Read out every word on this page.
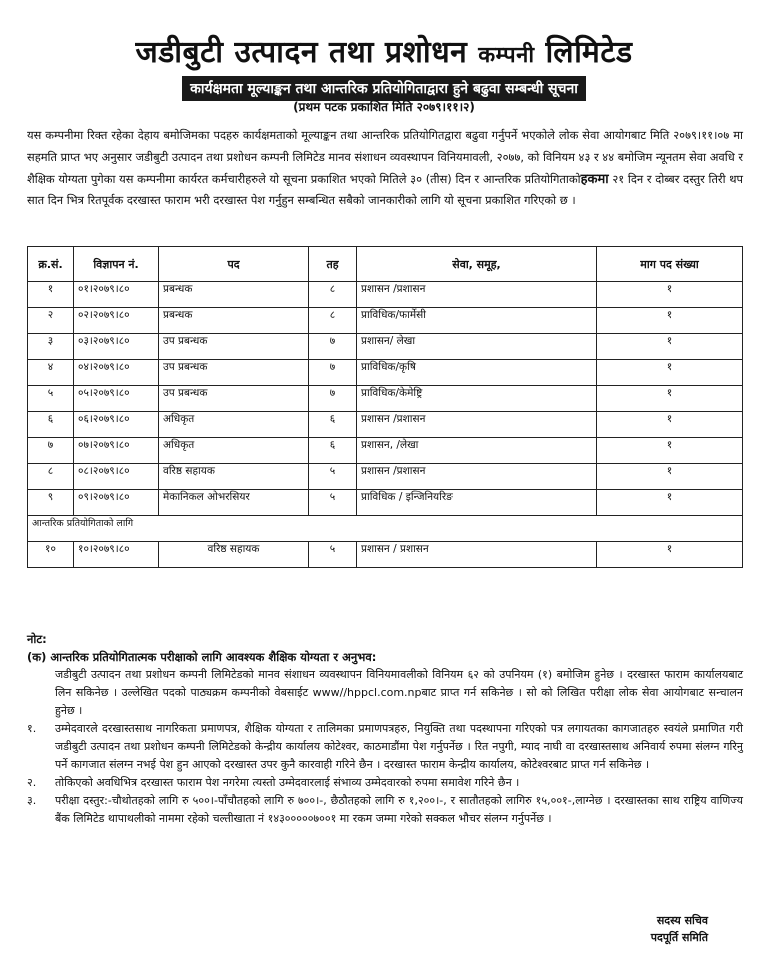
जडीबुटी उत्पादन तथा प्रशोधन कम्पनी लिमिटेड
कार्यक्षमता मूल्याङ्कन तथा आन्तरिक प्रतियोगिताद्वारा हुने बढुवा सम्बन्धी सूचना
(प्रथम पटक प्रकाशित मिति २०७९।११।२)
यस कम्पनीमा रिक्त रहेका देहाय बमोजिमका पदहरु कार्यक्षमताको मूल्याङ्कन तथा आन्तरिक प्रतियोगितद्वारा बढुवा गर्नुपर्ने भएकोले लोक सेवा आयोगबाट मिति २०७९।११।०७ मा सहमति प्राप्त भए अनुसार जडीबुटी उत्पादन तथा प्रशोधन कम्पनी लिमिटेड मानव संशाधन व्यवस्थापन विनियमावली, २०७७, को विनियम ४३ र ४४ बमोजिम न्यूनतम सेवा अवधि र शैक्षिक योग्यता पुगेका यस कम्पनीमा कार्यरत कर्मचारीहरुले यो सूचना प्रकाशित भएको मितिले ३० (तीस) दिन र आन्तरिक प्रतियोगिताकोहकमा २१ दिन र दोब्बर दस्तुर तिरी थप सात दिन भित्र रितपूर्वक दरखास्त फाराम भरी दरखास्त पेश गर्नुहुन सम्बन्धित सबैको जानकारीको लागि यो सूचना प्रकाशित गरिएको छ ।
क्र.सं.	विज्ञापन नं.	पद	तह	सेवा, समूह,	माग पद संख्या
१	०१।२०७९।८०	प्रबन्धक	८	प्रशासन /प्रशासन	१
२	०२।२०७९।८०	प्रबन्धक	८	प्राविधिक/फार्मेसी	१
३	०३।२०७९।८०	उप प्रबन्धक	७	प्रशासन/ लेखा	१
४	०४।२०७९।८०	उप प्रबन्धक	७	प्राविधिक/कृषि	१
५	०५।२०७९।८०	उप प्रबन्धक	७	प्राविधिक/केमेष्ट्रि	१
६	०६।२०७९।८०	अधिकृत	६	प्रशासन /प्रशासन	१
७	०७।२०७९।८०	अधिकृत	६	प्रशासन, /लेखा	१
८	०८।२०७९।८०	वरिष्ठ सहायक	५	प्रशासन /प्रशासन	१
९	०९।२०७९।८०	मेकानिकल ओभरसियर	५	प्राविधिक / इन्जिनियरिङ	१
आन्तरिक प्रतियोगिताको लागि					
१०	१०।२०७९।८०	वरिष्ठ सहायक	५	प्रशासन / प्रशासन	१
नोट:
(क) आन्तरिक प्रतियोगितात्मक परीक्षाको लागि आवश्यक शैक्षिक योग्यता र अनुभव:
जडीबुटी उत्पादन तथा प्रशोधन कम्पनी लिमिटेडको मानव संशाधन व्यवस्थापन विनियमावलीको विनियम ६२ को उपनियम (१) बमोजिम हुनेछ । दरखास्त फाराम कार्यालयबाट लिन सकिनेछ । उल्लेखित पदको पाठ्यक्रम कम्पनीको वेबसाईट www//hppcl.com.npबाट प्राप्त गर्न सकिनेछ । सो को लिखित परीक्षा लोक सेवा आयोगबाट सन्चालन हुनेछ ।
१.	उम्मेदवारले दरखास्तसाथ नागरिकता प्रमाणपत्र, शैक्षिक योग्यता र तालिमका प्रमाणपत्रहरु, नियुक्ति तथा पदस्थापना गरिएको पत्र लगायतका कागजातहरु स्वयंले प्रमाणित गरी जडीबुटी उत्पादन तथा प्रशोधन कम्पनी लिमिटेडको केन्द्रीय कार्यालय कोटेश्वर, काठमाडौंमा पेश गर्नुपर्नेछ । रित नपुगी, म्याद नाघी वा दरखास्तसाथ अनिवार्य रुपमा संलग्न गरिनु पर्ने कागजात संलग्न नभई पेश हुन आएको दरखास्त उपर कुनै कारवाही गरिने छैन । दरखास्त फाराम केन्द्रीय कार्यालय, कोटेश्वरबाट प्राप्त गर्न सकिनेछ ।
२.	तोकिएको अवधिभित्र दरखास्त फाराम पेश नगरेमा त्यस्तो उम्मेदवारलाई संभाव्य उम्मेदवारको रुपमा समावेश गरिने छैन ।
३.	परीक्षा दस्तुर:-चौथोतहको लागि रु ५००।-पाँचौतहको लागि रु ७००।-, छैठौतहको लागि रु १,२००।-, र सातौतहको लागिरु १५,००१-,लाग्नेछ । दरखास्तका साथ राष्ट्रिय वाणिज्य बैंक लिमिटेड थापाथलीको नाममा रहेको चल्तीखाता नं १४३०००००७००१ मा रकम जम्मा गरेको सक्कल भौचर संलग्न गर्नुपर्नेछ ।
सदस्य सचिव
पदपूर्ति समिति
